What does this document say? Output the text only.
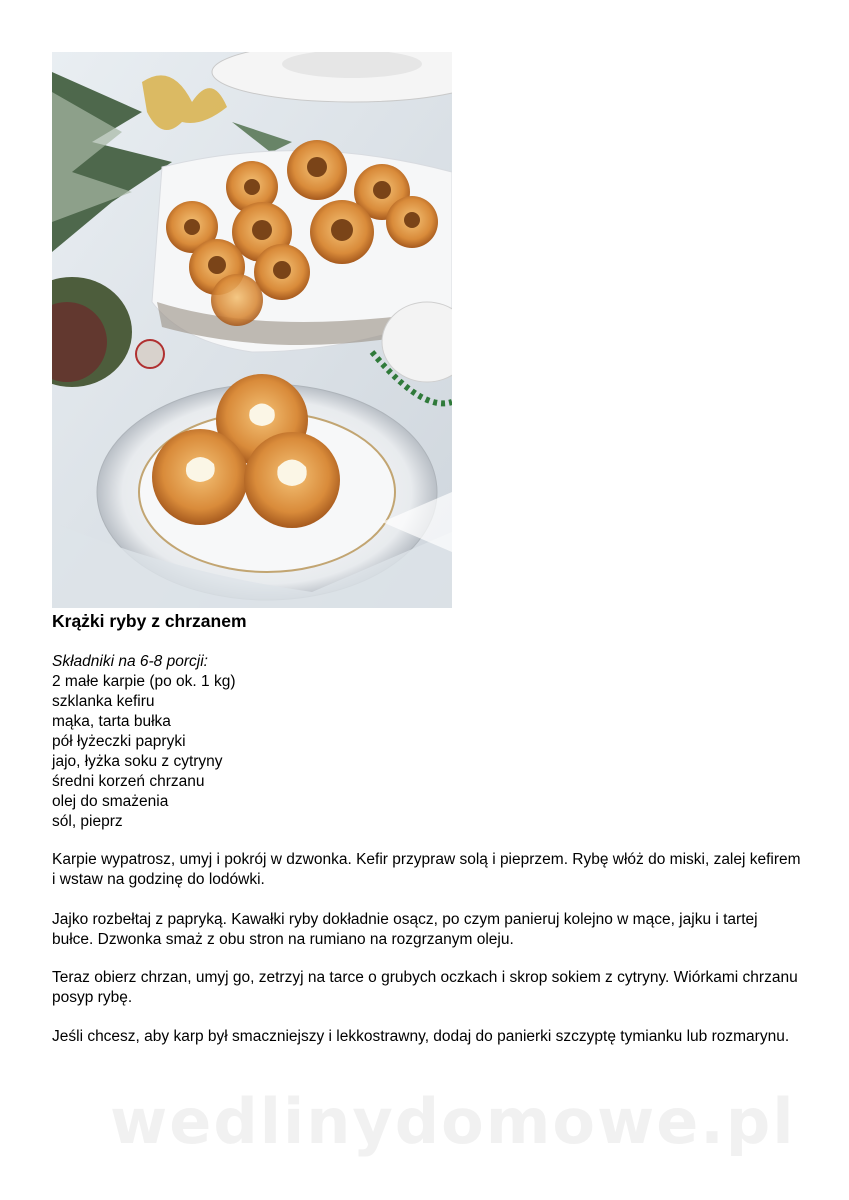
Krążki ryby z chrzanem
Składniki na 6-8 porcji:
2 małe karpie (po ok. 1 kg)
szklanka kefiru
mąka, tarta bułka
pół łyżeczki papryki
jajo, łyżka soku z cytryny
średni korzeń chrzanu
olej do smażenia
sól, pieprz

Karpie wypatrosz, umyj i pokrój w dzwonka. Kefir przypraw solą i pieprzem. Rybę włóż do miski, zalej kefirem i wstaw na godzinę do lodówki.

Jajko rozbełtaj z papryką. Kawałki ryby dokładnie osącz, po czym panieruj kolejno w mące, jajku i tartej bułce. Dzwonka smaż z obu stron na rumiano na rozgrzanym oleju.

Teraz obierz chrzan, umyj go, zetrzyj na tarce o grubych oczkach i skrop sokiem z cytryny. Wiórkami chrzanu posyp rybę.

Jeśli chcesz, aby karp był smaczniejszy i lekkostrawny, dodaj do panierki szczyptę tymianku lub rozmarynu.

wedlinydomowe.pl
